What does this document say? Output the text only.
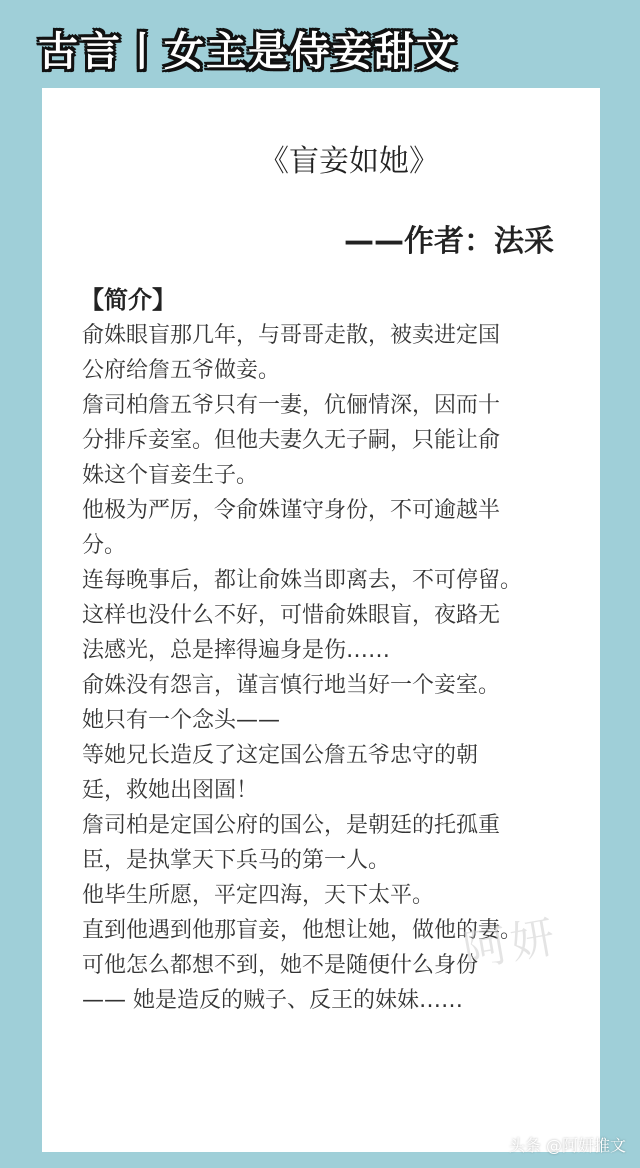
古言丨女主是侍妾甜文
《盲妾如她》
——作者：法采
【简介】

俞姝眼盲那几年，与哥哥走散，被卖进定国

公府给詹五爷做妾。

詹司柏詹五爷只有一妻，伉俪情深，因而十

分排斥妾室。但他夫妻久无子嗣，只能让俞

姝这个盲妾生子。

他极为严厉，令俞姝谨守身份，不可逾越半

分。

连每晚事后，都让俞姝当即离去，不可停留。

这样也没什么不好，可惜俞姝眼盲，夜路无

法感光，总是摔得遍身是伤……

俞姝没有怨言，谨言慎行地当好一个妾室。

她只有一个念头——

等她兄长造反了这定国公詹五爷忠守的朝

廷，救她出囹圄！

詹司柏是定国公府的国公，是朝廷的托孤重

臣，是执掌天下兵马的第一人。

他毕生所愿，平定四海，天下太平。

直到他遇到他那盲妾，他想让她，做他的妻。

可他怎么都想不到，她不是随便什么身份

—— 她是造反的贼子、反王的妹妹……

阿妍
头条 @阿妍推文
